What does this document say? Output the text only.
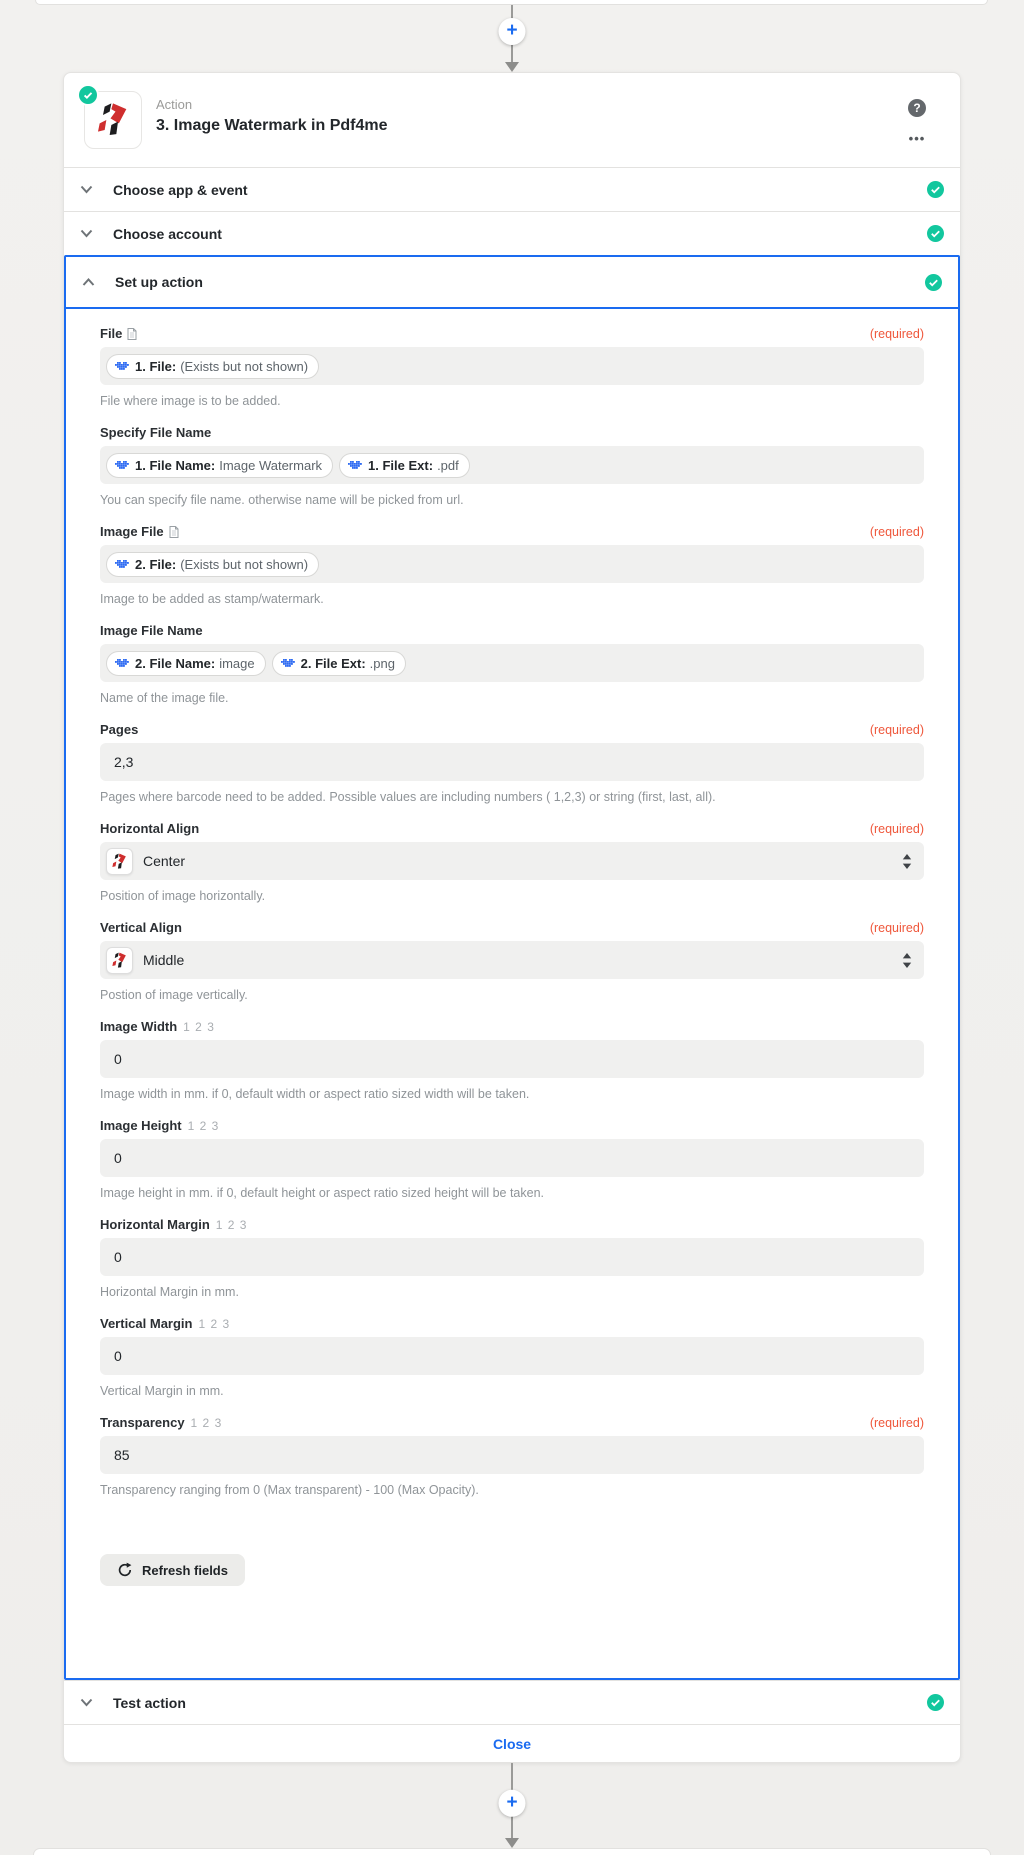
+
Action
3. Image Watermark in Pdf4me
?
•••
Choose app & event
Choose account
Set up action
File	(required)
1. File: (Exists but not shown)
File where image is to be added.
Specify File Name
1. File Name: Image Watermark	1. File Ext: .pdf
You can specify file name. otherwise name will be picked from url.
Image File	(required)
2. File: (Exists but not shown)
Image to be added as stamp/watermark.
Image File Name
2. File Name: image	2. File Ext: .png
Name of the image file.
Pages	(required)
2,3
Pages where barcode need to be added. Possible values are including numbers ( 1,2,3) or string (first, last, all).
Horizontal Align	(required)
Center
Position of image horizontally.
Vertical Align	(required)
Middle
Postion of image vertically.
Image Width 1 2 3
0
Image width in mm. if 0, default width or aspect ratio sized width will be taken.
Image Height 1 2 3
0
Image height in mm. if 0, default height or aspect ratio sized height will be taken.
Horizontal Margin 1 2 3
0
Horizontal Margin in mm.
Vertical Margin 1 2 3
0
Vertical Margin in mm.
Transparency 1 2 3	(required)
85
Transparency ranging from 0 (Max transparent) - 100 (Max Opacity).
Refresh fields
Test action
Close
+
